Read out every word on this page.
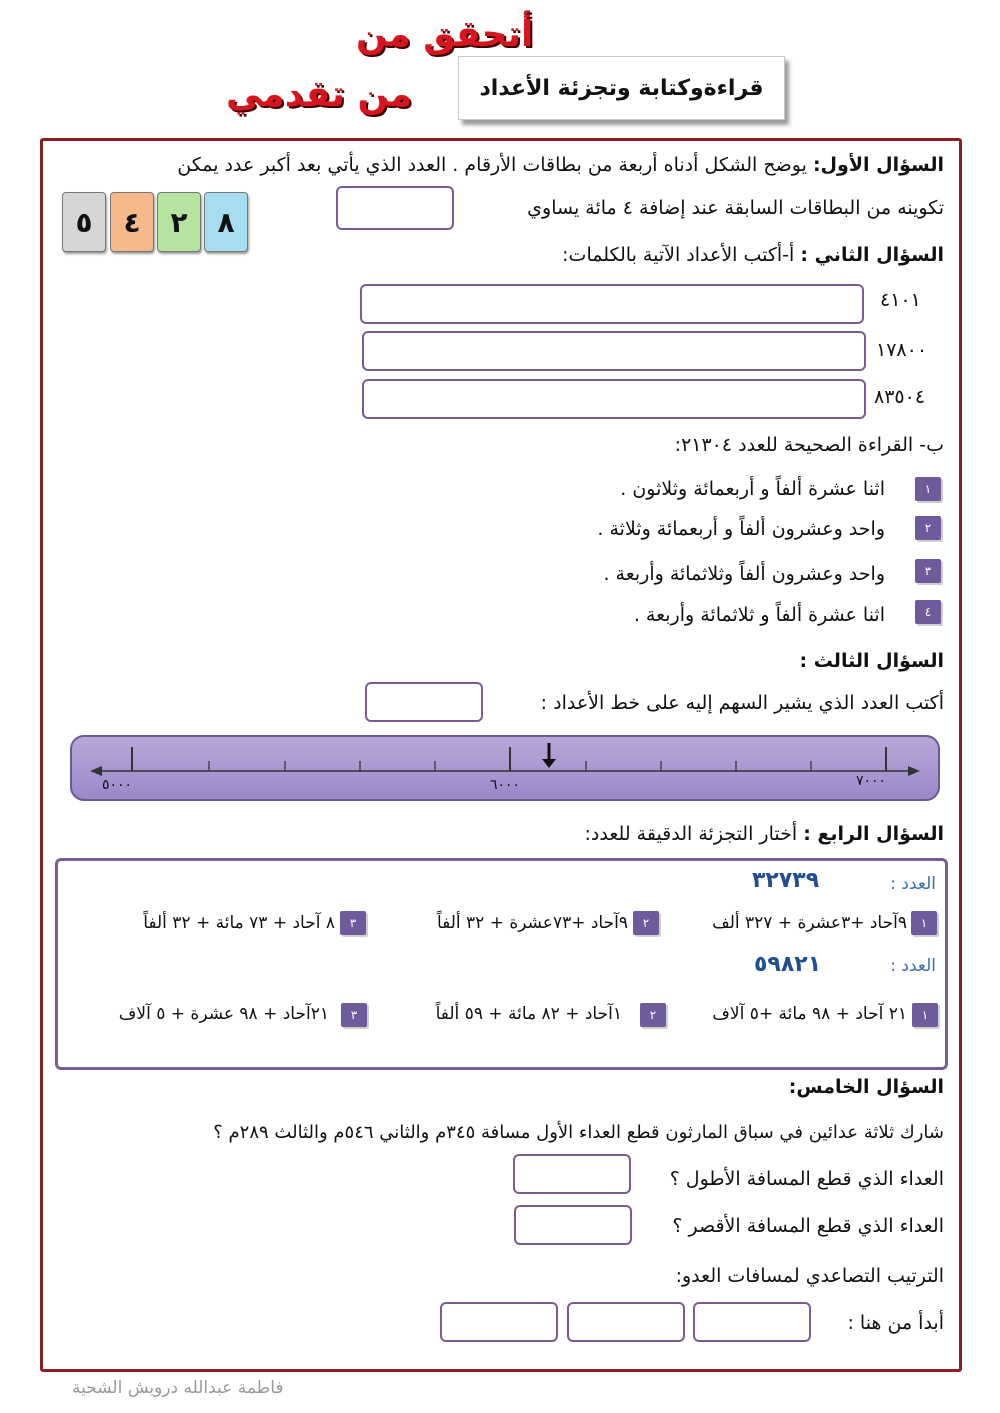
أتحقق من
من تقدمي	قراءةوكتابة وتجزئة الأعداد
السؤال الأول: يوضح الشكل أدناه أربعة من بطاقات الأرقام . العدد الذي يأتي بعد أكبر عدد يمكن
تكوينه من البطاقات السابقة عند إضافة ٤ مائة يساوي
٨
٢
٤
٥
السؤال الثاني : أ-أكتب الأعداد الآتية بالكلمات:
٤١٠١
١٧٨٠٠
٨٣٥٠٤
ب- القراءة الصحيحة للعدد ٢١٣٠٤:
١
اثنا عشرة ألفاً و أربعمائة وثلاثون .
٢
واحد وعشرون ألفاً و أربعمائة وثلاثة .
٣
واحد وعشرون ألفاً وثلاثمائة وأربعة .
٤
اثنا عشرة ألفاً و ثلاثمائة وأربعة .
السؤال الثالث :
أكتب العدد الذي يشير السهم إليه على خط الأعداد :
٥٠٠٠	٦٠٠٠	٧٠٠٠
السؤال الرابع : أختار التجزئة الدقيقة للعدد:
العدد :
٣٢٧٣٩
١
٩آحاد +٣عشرة + ٣٢٧ ألف
٢
٩آحاد +٧٣عشرة + ٣٢ ألفاً
٣
٨ آحاد + ٧٣ مائة + ٣٢ ألفاً
العدد :
٥٩٨٢١
١
٢١ آحاد + ٩٨ مائة +٥ آلاف
٢
١آحاد + ٨٢ مائة + ٥٩ ألفاً
٣
٢١آحاد + ٩٨ عشرة + ٥ آلاف
السؤال الخامس:
شارك ثلاثة عدائين في سباق المارثون قطع العداء الأول مسافة ٣٤٥م والثاني ٥٤٦م والثالث ٢٨٩م ؟
العداء الذي قطع المسافة الأطول ؟
العداء الذي قطع المسافة الأقصر ؟
الترتيب التصاعدي لمسافات العدو:
أبدأ من هنا :
فاطمة عبدالله درويش الشحية
